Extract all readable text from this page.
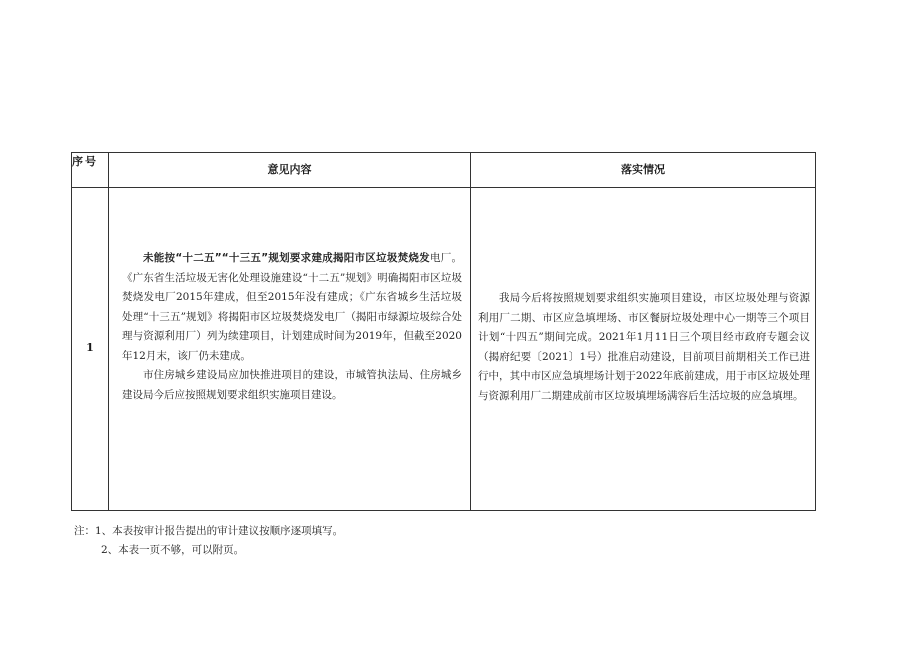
序号
意见内容	落实情况
1

未能按“十二五”“十三五”规划要求建成揭阳市区垃圾焚烧发电厂。《广东省生活垃圾无害化处理设施建设“十二五”规划》明确揭阳市区垃圾焚烧发电厂2015年建成，但至2015年没有建成；《广东省城乡生活垃圾处理“十三五”规划》将揭阳市区垃圾焚烧发电厂（揭阳市绿源垃圾综合处理与资源利用厂）列为续建项目，计划建成时间为2019年，但截至2020年12月末，该厂仍未建成。

市住房城乡建设局应加快推进项目的建设，市城管执法局、住房城乡建设局今后应按照规划要求组织实施项目建设。

我局今后将按照规划要求组织实施项目建设，市区垃圾处理与资源利用厂二期、市区应急填埋场、市区餐厨垃圾处理中心一期等三个项目计划“十四五”期间完成。2021年1月11日三个项目经市政府专题会议（揭府纪要〔2021〕1号）批准启动建设，目前项目前期相关工作已进行中，其中市区应急填埋场计划于2022年底前建成，用于市区垃圾处理与资源利用厂二期建成前市区垃圾填埋场满容后生活垃圾的应急填埋。

注：1、本表按审计报告提出的审计建议按顺序逐项填写。
2、本表一页不够，可以附页。
